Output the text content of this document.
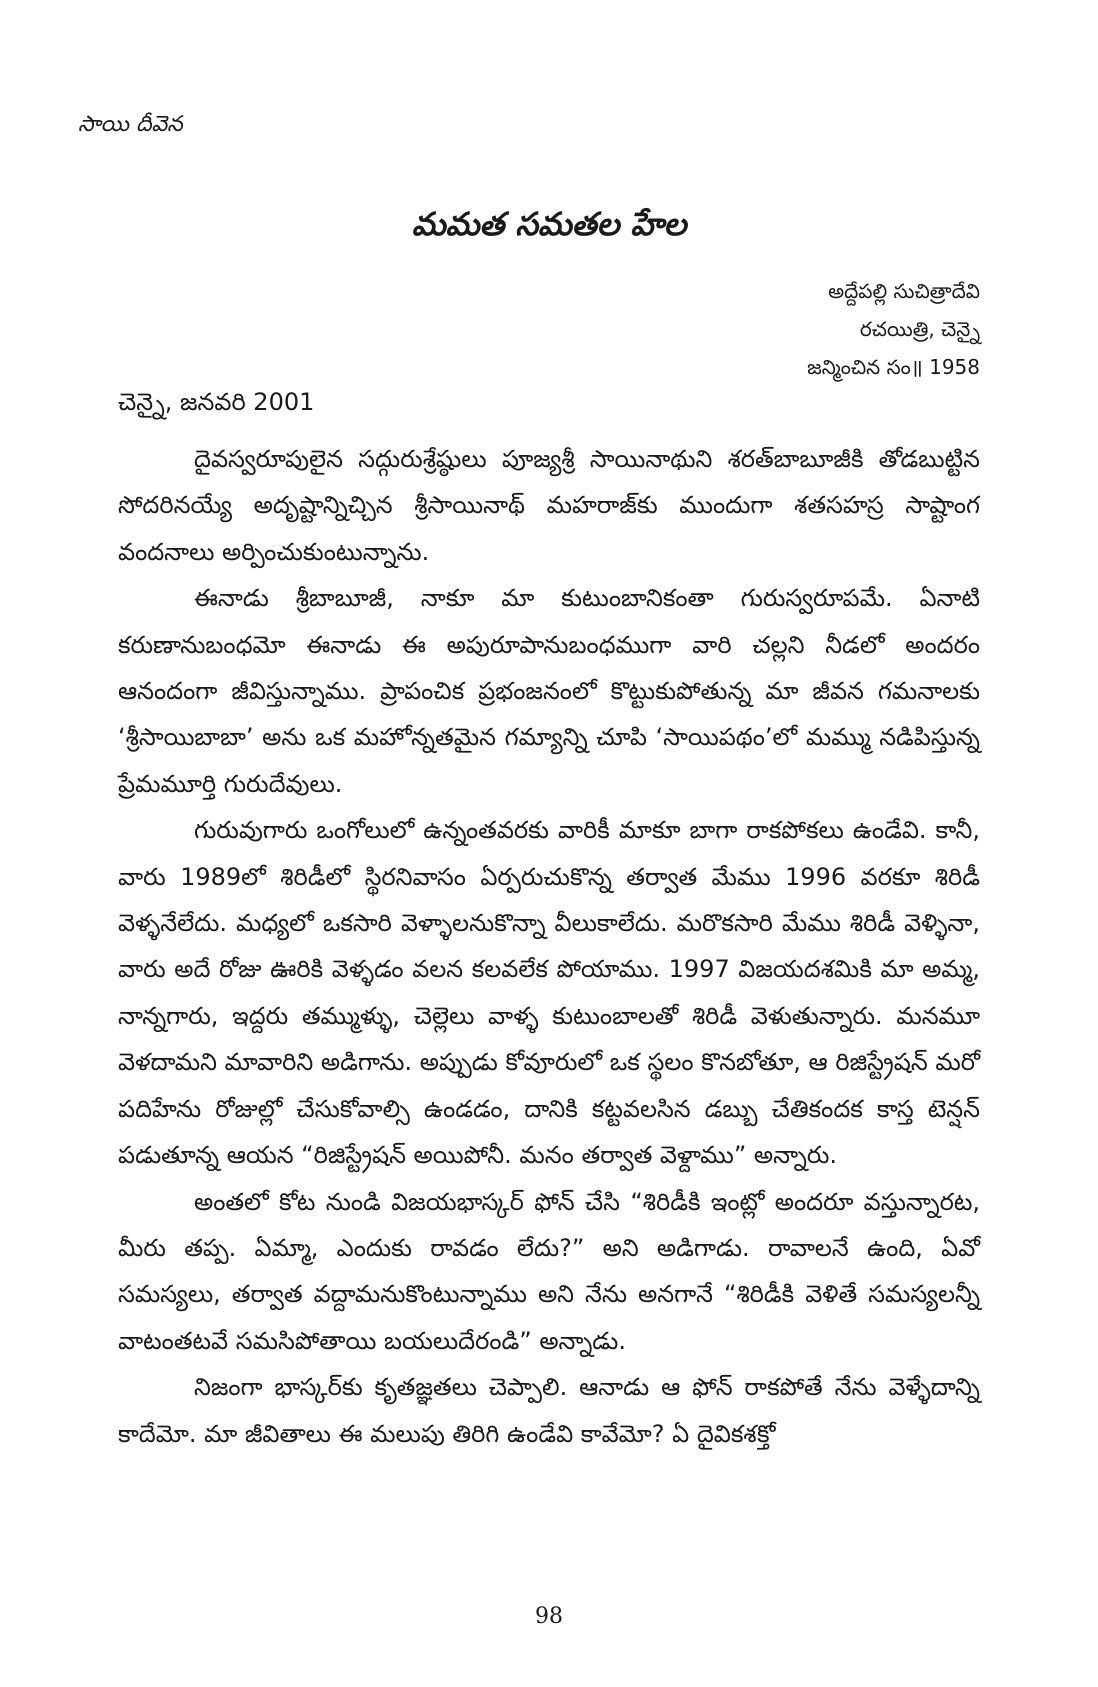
సాయి దీవెన
మమత సమతల హేల
అద్దేపల్లి సుచిత్రాదేవి
రచయిత్రి, చెన్నై
జన్మించిన సం॥ 1958
చెన్నై, జనవరి 2001

దైవస్వరూపులైన సద్గురుశ్రేష్ఠులు పూజ్యశ్రీ సాయినాథుని శరత్‌బాబూజీకి తోడబుట్టిన సోదరినయ్యే అదృష్టాన్నిచ్చిన శ్రీసాయినాథ్ మహరాజ్‌కు ముందుగా శతసహస్ర సాష్టాంగ వందనాలు అర్పించుకుంటున్నాను.

ఈనాడు శ్రీబాబూజీ, నాకూ మా కుటుంబానికంతా గురుస్వరూపమే. ఏనాటి కరుణానుబంధమో ఈనాడు ఈ అపురూపానుబంధముగా వారి చల్లని నీడలో అందరం ఆనందంగా జీవిస్తున్నాము. ప్రాపంచిక ప్రభంజనంలో కొట్టుకుపోతున్న మా జీవన గమనాలకు ‘శ్రీసాయిబాబా’ అను ఒక మహోన్నతమైన గమ్యాన్ని చూపి ‘సాయిపథం’లో మమ్ము నడిపిస్తున్న ప్రేమమూర్తి గురుదేవులు.

గురువుగారు ఒంగోలులో ఉన్నంతవరకు వారికీ మాకూ బాగా రాకపోకలు ఉండేవి. కానీ, వారు 1989లో శిరిడీలో స్థిరనివాసం ఏర్పరుచుకొన్న తర్వాత మేము 1996 వరకూ శిరిడీ వెళ్ళనేలేదు. మధ్యలో ఒకసారి వెళ్ళాలనుకొన్నా వీలుకాలేదు. మరొకసారి మేము శిరిడీ వెళ్ళినా, వారు అదే రోజు ఊరికి వెళ్ళడం వలన కలవలేక పోయాము. 1997 విజయదశమికి మా అమ్మ, నాన్నగారు, ఇద్దరు తమ్ముళ్ళు, చెల్లెలు వాళ్ళ కుటుంబాలతో శిరిడీ వెళుతున్నారు. మనమూ వెళదామని మావారిని అడిగాను. అప్పుడు కోవూరులో ఒక స్థలం కొనబోతూ, ఆ రిజిస్ట్రేషన్ మరో పదిహేను రోజుల్లో చేసుకోవాల్సి ఉండడం, దానికి కట్టవలసిన డబ్బు చేతికందక కాస్త టెన్షన్ పడుతూన్న ఆయన “రిజిస్ట్రేషన్ అయిపోనీ. మనం తర్వాత వెళ్దాము” అన్నారు.

అంతలో కోట నుండి విజయభాస్కర్ ఫోన్ చేసి “శిరిడీకి ఇంట్లో అందరూ వస్తున్నారట, మీరు తప్ప. ఏమ్మా, ఎందుకు రావడం లేదు?” అని అడిగాడు. రావాలనే ఉంది, ఏవో సమస్యలు, తర్వాత వద్దామనుకొంటున్నాము అని నేను అనగానే “శిరిడీకి వెళితే సమస్యలన్నీ వాటంతటవే సమసిపోతాయి బయలుదేరండి” అన్నాడు.

నిజంగా భాస్కర్‌కు కృతజ్ఞతలు చెప్పాలి. ఆనాడు ఆ ఫోన్ రాకపోతే నేను వెళ్ళేదాన్ని కాదేమో. మా జీవితాలు ఈ మలుపు తిరిగి ఉండేవి కావేమో? ఏ దైవికశక్తో

98
